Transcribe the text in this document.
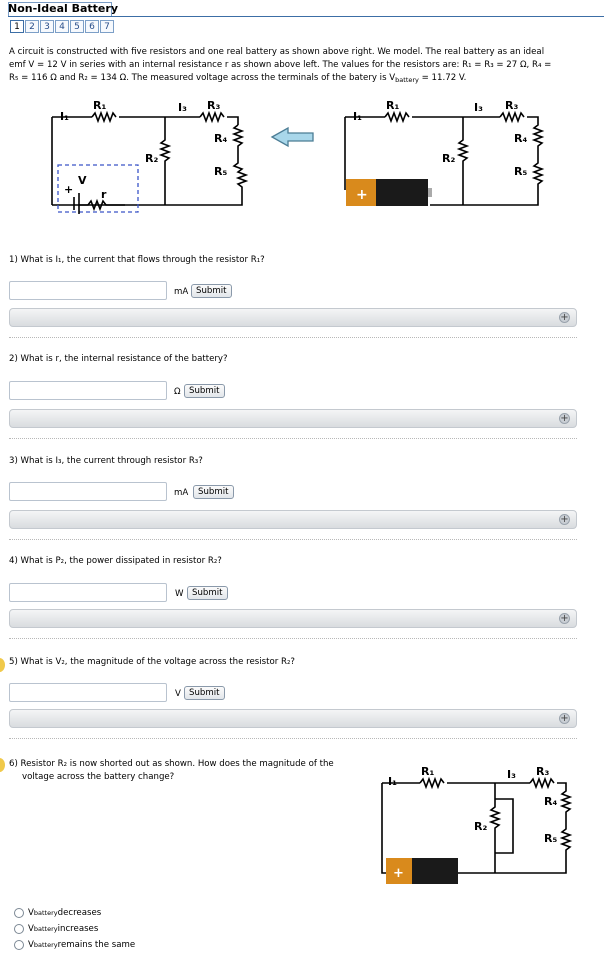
Non-Ideal Battery
1	2	3	4	5	6	7
A circuit is constructed with five resistors and one real battery as shown above right. We model. The real battery as an ideal
emf V = 12 V in series with an internal resistance r as shown above left. The values for the resistors are: R₁ = R₃ = 27 Ω, R₄ =
R₅ = 116 Ω and R₂ = 134 Ω. The measured voltage across the terminals of the batery is $V_{battery} = 11.72$ V.
I₁
R₁	I₃ R₃
R₄
R₅
R₂
V
r
+	+
I₁
R₁	I₃ R₃
R₄
R₅
R₂
1) What is I₁, the current that flows through the resistor R₁?
mA Submit
+
2) What is r, the internal resistance of the battery?
Ω Submit
+
3) What is I₃, the current through resistor R₃?
mA	Submit
+
4) What is P₂, the power dissipated in resistor R₂?
W Submit
+
5) What is V₂, the magnitude of the voltage across the resistor R₂?
V Submit
+
6) Resistor R₂ is now shorted out as shown. How does the magnitude of the
voltage across the battery change?
+
I₁
R₁	I₃ R₃
R₄
R₅
R₂
V battery decreases
V battery increases
V battery remains the same
